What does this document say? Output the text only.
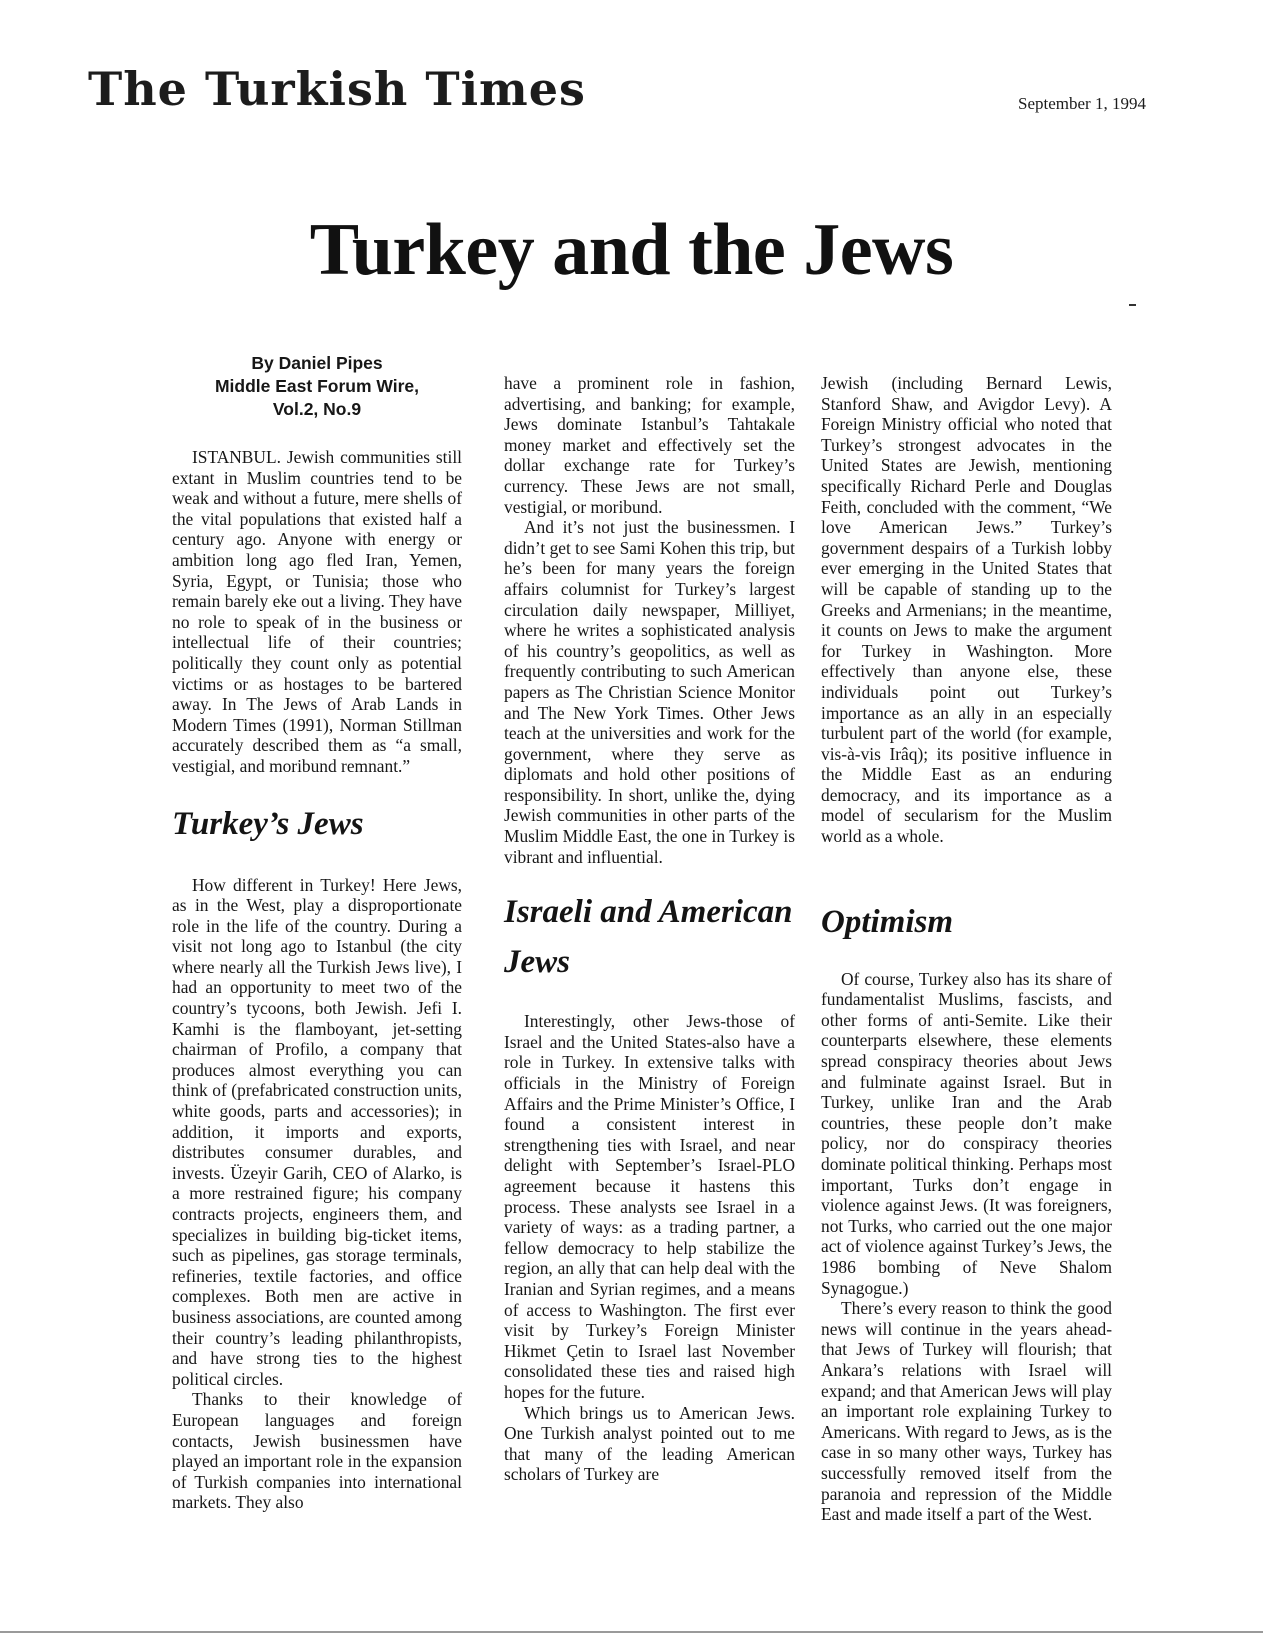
The Turkish Times	September 1, 1994
Turkey and the Jews
By Daniel Pipes
Middle East Forum Wire,
Vol.2, No.9

ISTANBUL. Jewish communities still extant in Muslim countries tend to be weak and without a future, mere shells of the vital populations that existed half a century ago. Anyone with energy or ambition long ago fled Iran, Yemen, Syria, Egypt, or Tunisia; those who remain barely eke out a living. They have no role to speak of in the business or intellectual life of their countries; politically they count only as potential victims or as hostages to be bartered away. In The Jews of Arab Lands in Modern Times (1991), Norman Stillman accurately described them as “a small, vestigial, and moribund remnant.”

Turkey’s Jews

How different in Turkey! Here Jews, as in the West, play a disproportionate role in the life of the country. During a visit not long ago to Istanbul (the city where nearly all the Turkish Jews live), I had an opportunity to meet two of the country’s tycoons, both Jewish. Jefi I. Kamhi is the flamboyant, jet-setting chairman of Profilo, a company that produces almost everything you can think of (prefabricated construction units, white goods, parts and accessories); in addition, it imports and exports, distributes consumer durables, and invests. Üzeyir Garih, CEO of Alarko, is a more restrained figure; his company contracts projects, engineers them, and specializes in building big-ticket items, such as pipelines, gas storage terminals, refineries, textile factories, and office complexes. Both men are active in business associations, are counted among their country’s leading philanthropists, and have strong ties to the highest political circles.

Thanks to their knowledge of European languages and foreign contacts, Jewish businessmen have played an important role in the expansion of Turkish companies into international markets. They also

have a prominent role in fashion, advertising, and banking; for example, Jews dominate Istanbul’s Tahtakale money market and effectively set the dollar exchange rate for Turkey’s currency. These Jews are not small, vestigial, or moribund.

And it’s not just the businessmen. I didn’t get to see Sami Kohen this trip, but he’s been for many years the foreign affairs columnist for Turkey’s largest circulation daily newspaper, Milliyet, where he writes a sophisticated analysis of his country’s geopolitics, as well as frequently contributing to such American papers as The Christian Science Monitor and The New York Times. Other Jews teach at the universities and work for the government, where they serve as diplomats and hold other positions of responsibility. In short, unlike the, dying Jewish communities in other parts of the Muslim Middle East, the one in Turkey is vibrant and influential.

Israeli and American Jews

Interestingly, other Jews-those of Israel and the United States-also have a role in Turkey. In extensive talks with officials in the Ministry of Foreign Affairs and the Prime Minister’s Office, I found a consistent interest in strengthening ties with Israel, and near delight with September’s Israel-PLO agreement because it hastens this process. These analysts see Israel in a variety of ways: as a trading partner, a fellow democracy to help stabilize the region, an ally that can help deal with the Iranian and Syrian regimes, and a means of access to Washington. The first ever visit by Turkey’s Foreign Minister Hikmet Çetin to Israel last November consolidated these ties and raised high hopes for the future.

Which brings us to American Jews. One Turkish analyst pointed out to me that many of the leading American scholars of Turkey are

Jewish (including Bernard Lewis, Stanford Shaw, and Avigdor Levy). A Foreign Ministry official who noted that Turkey’s strongest advocates in the United States are Jewish, mentioning specifically Richard Perle and Douglas Feith, concluded with the comment, “We love American Jews.” Turkey’s government despairs of a Turkish lobby ever emerging in the United States that will be capable of standing up to the Greeks and Armenians; in the meantime, it counts on Jews to make the argument for Turkey in Washington. More effectively than anyone else, these individuals point out Turkey’s importance as an ally in an especially turbulent part of the world (for example, vis-à-vis Irâq); its positive influence in the Middle East as an enduring democracy, and its importance as a model of secularism for the Muslim world as a whole.

Optimism

Of course, Turkey also has its share of fundamentalist Muslims, fascists, and other forms of anti-Semite. Like their counterparts elsewhere, these elements spread conspiracy theories about Jews and fulminate against Israel. But in Turkey, unlike Iran and the Arab countries, these people don’t make policy, nor do conspiracy theories dominate political thinking. Perhaps most important, Turks don’t engage in violence against Jews. (It was foreigners, not Turks, who carried out the one major act of violence against Turkey’s Jews, the 1986 bombing of Neve Shalom Synagogue.)

There’s every reason to think the good news will continue in the years ahead-that Jews of Turkey will flourish; that Ankara’s relations with Israel will expand; and that American Jews will play an important role explaining Turkey to Americans. With regard to Jews, as is the case in so many other ways, Turkey has successfully removed itself from the paranoia and repression of the Middle East and made itself a part of the West.
